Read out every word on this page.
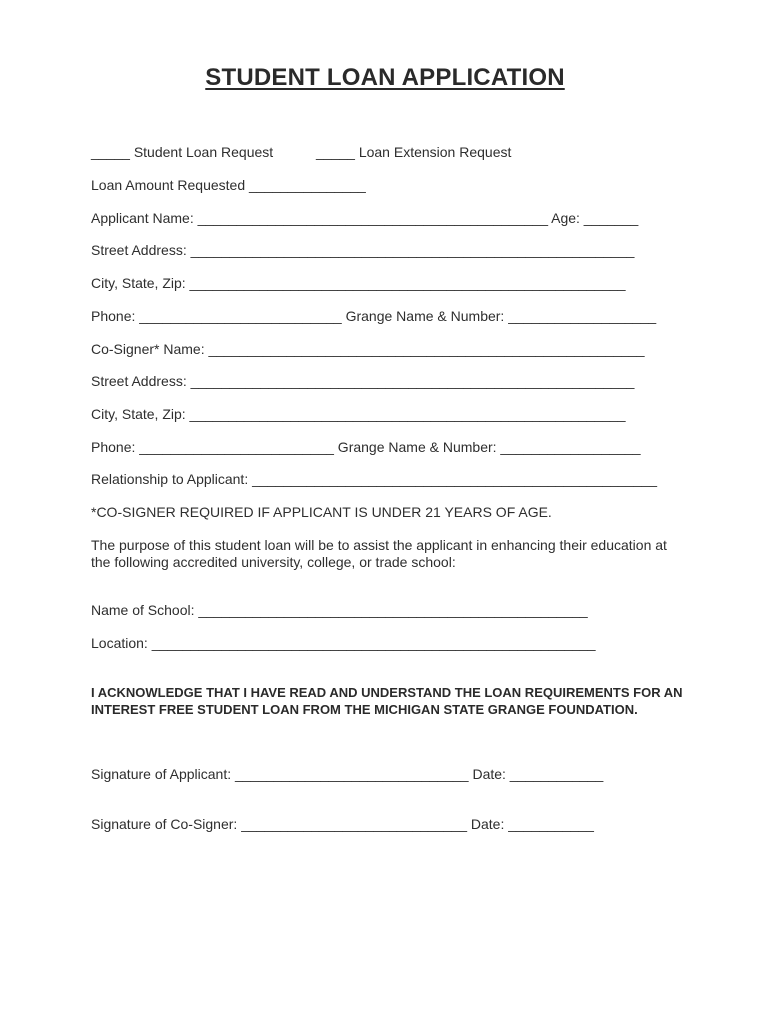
STUDENT LOAN APPLICATION
_____ Student Loan Request	_____ Loan Extension Request
Loan Amount Requested _______________
Applicant Name: _____________________________________________ Age: _______
Street Address: _________________________________________________________
City, State, Zip: ________________________________________________________
Phone: __________________________ Grange Name & Number: ___________________
Co-Signer* Name: ________________________________________________________
Street Address: _________________________________________________________
City, State, Zip: ________________________________________________________
Phone: _________________________ Grange Name & Number: __________________
Relationship to Applicant: ____________________________________________________
*CO-SIGNER REQUIRED IF APPLICANT IS UNDER 21 YEARS OF AGE.
The purpose of this student loan will be to assist the applicant in enhancing their education at the following accredited university, college, or trade school:
Name of School: __________________________________________________
Location: _________________________________________________________
I ACKNOWLEDGE THAT I HAVE READ AND UNDERSTAND THE LOAN REQUIREMENTS FOR AN INTEREST FREE STUDENT LOAN FROM THE MICHIGAN STATE GRANGE FOUNDATION.
Signature of Applicant: ______________________________ Date: ____________
Signature of Co-Signer: _____________________________ Date: ___________
